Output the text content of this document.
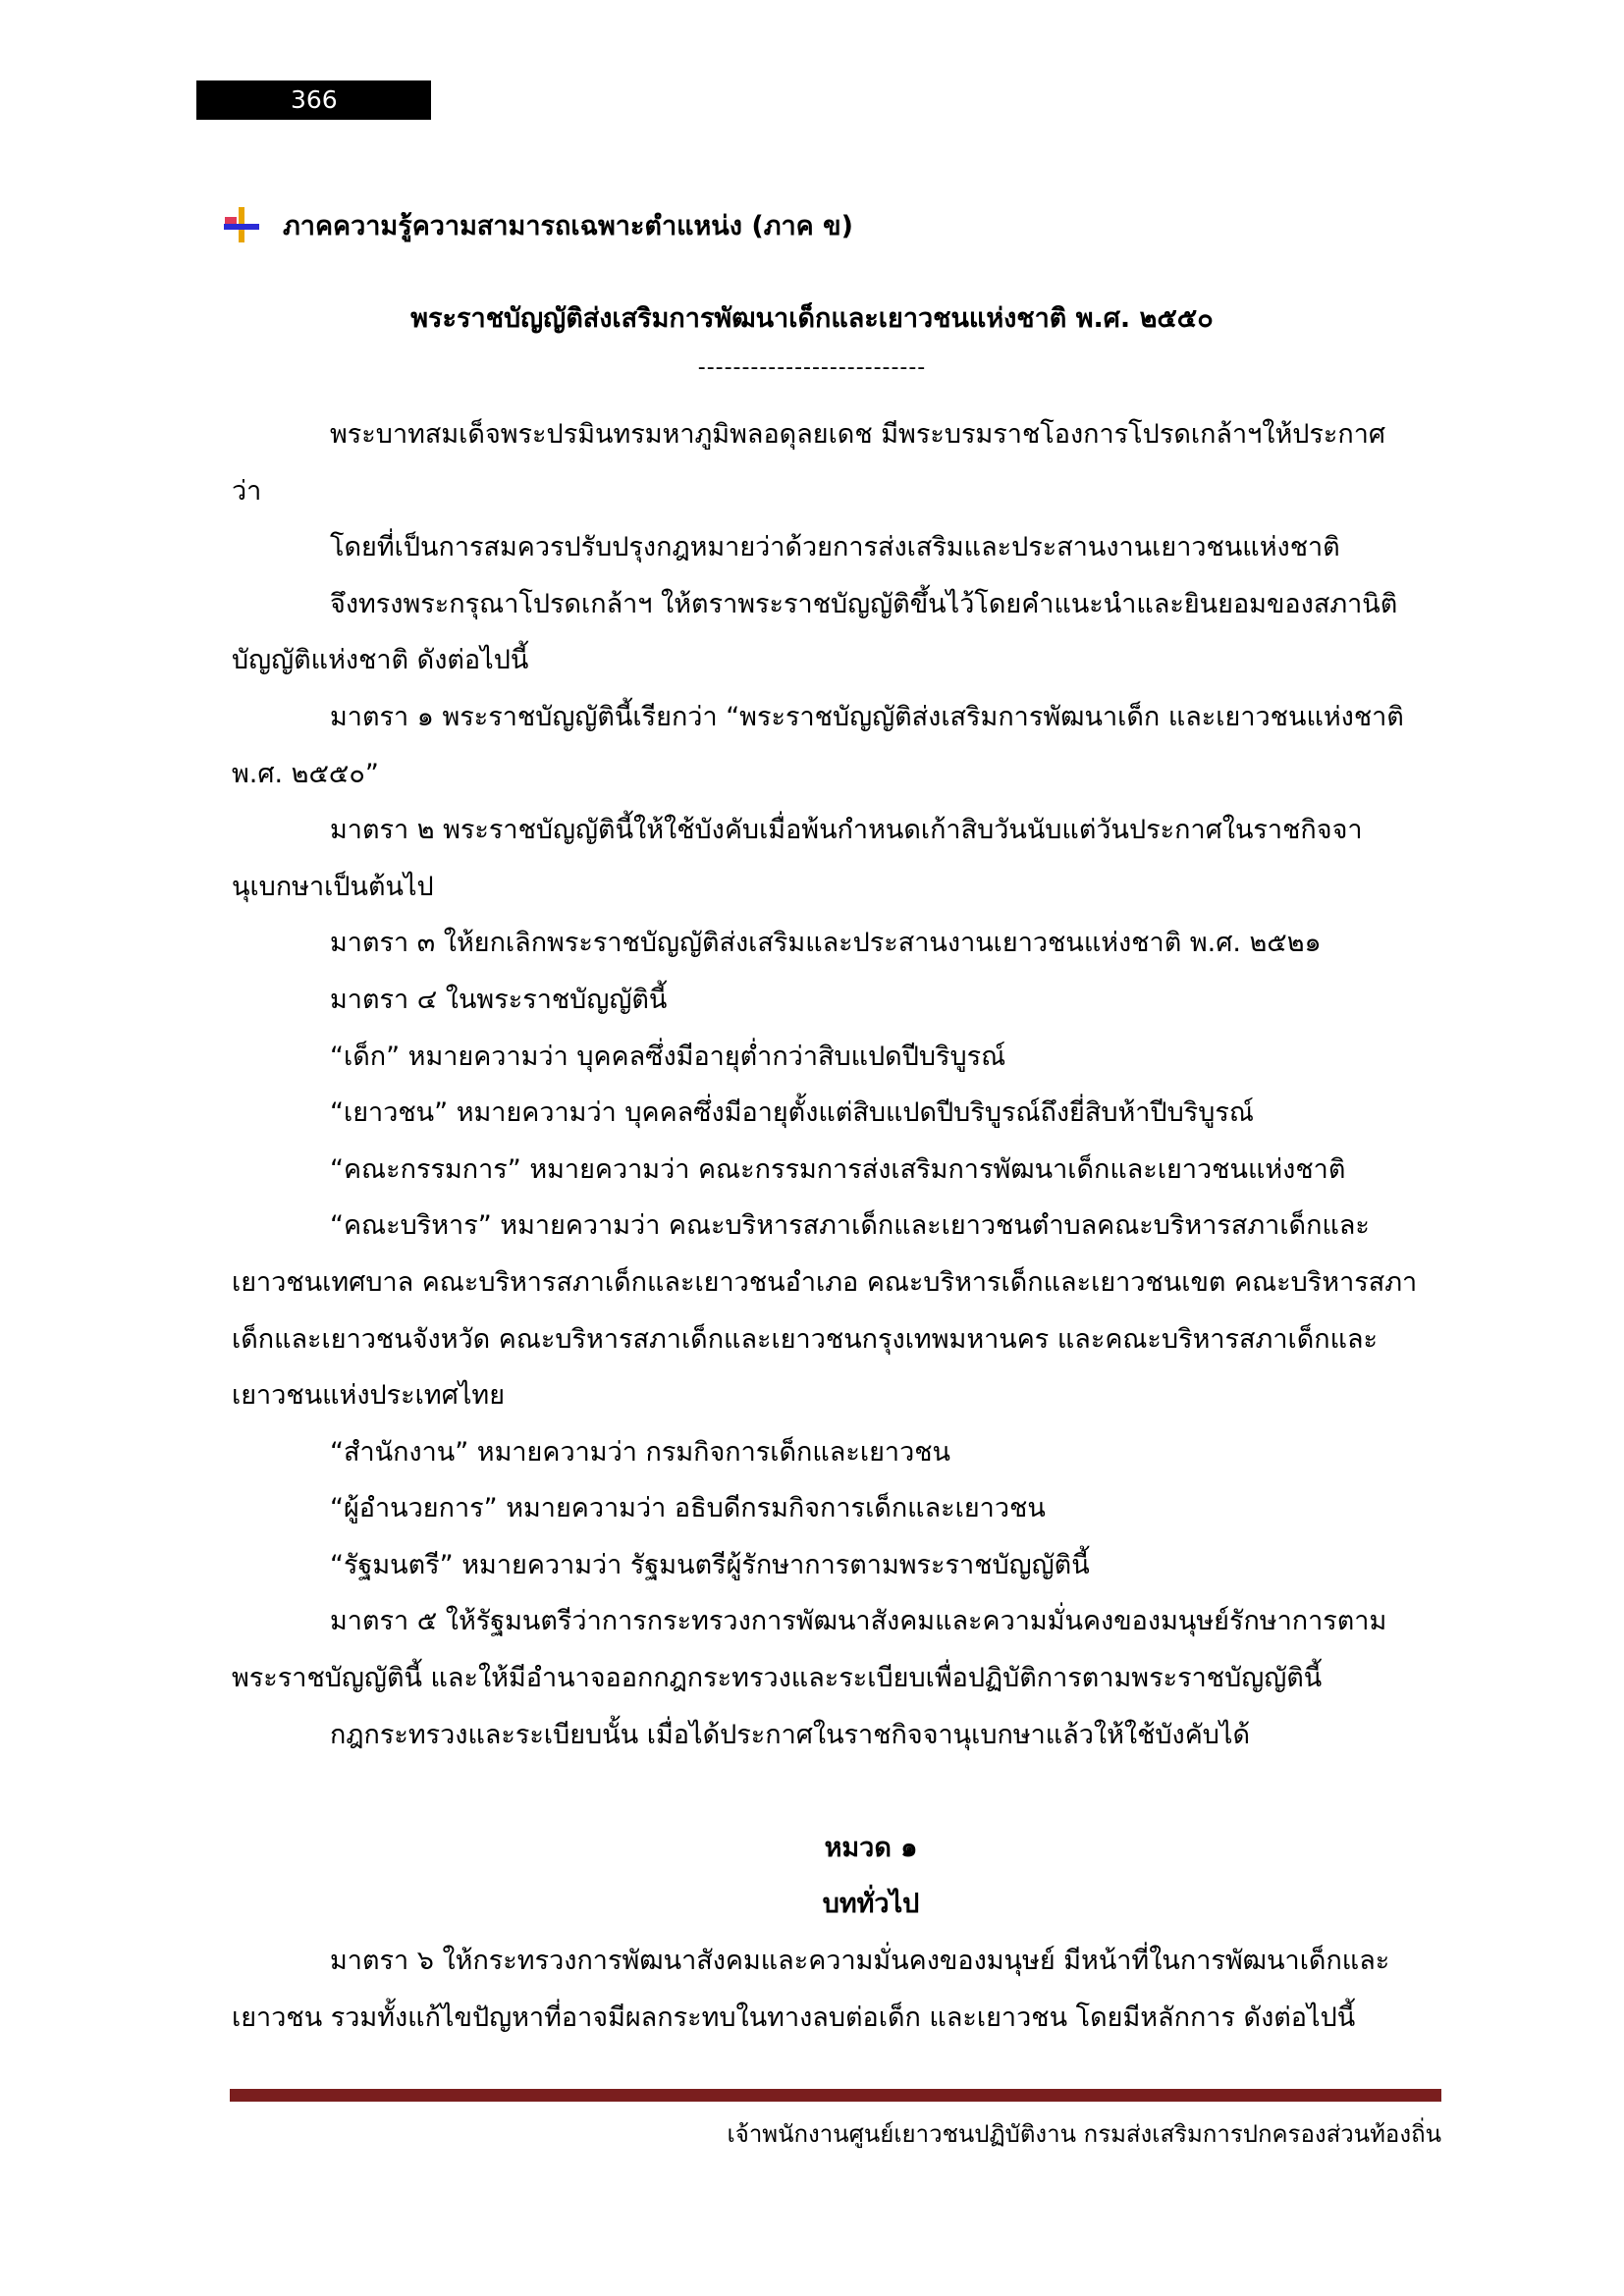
366
ภาคความรู้ความสามารถเฉพาะตำแหน่ง (ภาค ข)
พระราชบัญญัติส่งเสริมการพัฒนาเด็กและเยาวชนแห่งชาติ พ.ศ. ๒๕๕๐
--------------------------

พระบาทสมเด็จพระปรมินทรมหาภูมิพลอดุลยเดช มีพระบรมราชโองการโปรดเกล้าฯให้ประกาศ

ว่า

โดยที่เป็นการสมควรปรับปรุงกฎหมายว่าด้วยการส่งเสริมและประสานงานเยาวชนแห่งชาติ

จึงทรงพระกรุณาโปรดเกล้าฯ ให้ตราพระราชบัญญัติขึ้นไว้โดยคำแนะนำและยินยอมของสภานิติ

บัญญัติแห่งชาติ ดังต่อไปนี้

มาตรา ๑ พระราชบัญญัตินี้เรียกว่า “พระราชบัญญัติส่งเสริมการพัฒนาเด็ก และเยาวชนแห่งชาติ

พ.ศ. ๒๕๕๐”

มาตรา ๒ พระราชบัญญัตินี้ให้ใช้บังคับเมื่อพ้นกำหนดเก้าสิบวันนับแต่วันประกาศในราชกิจจา

นุเบกษาเป็นต้นไป

มาตรา ๓ ให้ยกเลิกพระราชบัญญัติส่งเสริมและประสานงานเยาวชนแห่งชาติ พ.ศ. ๒๕๒๑

มาตรา ๔ ในพระราชบัญญัตินี้

“เด็ก” หมายความว่า บุคคลซึ่งมีอายุต่ำกว่าสิบแปดปีบริบูรณ์

“เยาวชน” หมายความว่า บุคคลซึ่งมีอายุตั้งแต่สิบแปดปีบริบูรณ์ถึงยี่สิบห้าปีบริบูรณ์

“คณะกรรมการ” หมายความว่า คณะกรรมการส่งเสริมการพัฒนาเด็กและเยาวชนแห่งชาติ

“คณะบริหาร” หมายความว่า คณะบริหารสภาเด็กและเยาวชนตำบลคณะบริหารสภาเด็กและ

เยาวชนเทศบาล คณะบริหารสภาเด็กและเยาวชนอำเภอ คณะบริหารเด็กและเยาวชนเขต คณะบริหารสภา

เด็กและเยาวชนจังหวัด คณะบริหารสภาเด็กและเยาวชนกรุงเทพมหานคร และคณะบริหารสภาเด็กและ

เยาวชนแห่งประเทศไทย

“สำนักงาน” หมายความว่า กรมกิจการเด็กและเยาวชน

“ผู้อำนวยการ” หมายความว่า อธิบดีกรมกิจการเด็กและเยาวชน

“รัฐมนตรี” หมายความว่า รัฐมนตรีผู้รักษาการตามพระราชบัญญัตินี้

มาตรา ๕ ให้รัฐมนตรีว่าการกระทรวงการพัฒนาสังคมและความมั่นคงของมนุษย์รักษาการตาม

พระราชบัญญัตินี้ และให้มีอำนาจออกกฎกระทรวงและระเบียบเพื่อปฏิบัติการตามพระราชบัญญัตินี้

กฎกระทรวงและระเบียบนั้น เมื่อได้ประกาศในราชกิจจานุเบกษาแล้วให้ใช้บังคับได้

หมวด ๑

บททั่วไป

มาตรา ๖ ให้กระทรวงการพัฒนาสังคมและความมั่นคงของมนุษย์ มีหน้าที่ในการพัฒนาเด็กและ

เยาวชน รวมทั้งแก้ไขปัญหาที่อาจมีผลกระทบในทางลบต่อเด็ก และเยาวชน โดยมีหลักการ ดังต่อไปนี้

เจ้าพนักงานศูนย์เยาวชนปฏิบัติงาน กรมส่งเสริมการปกครองส่วนท้องถิ่น
